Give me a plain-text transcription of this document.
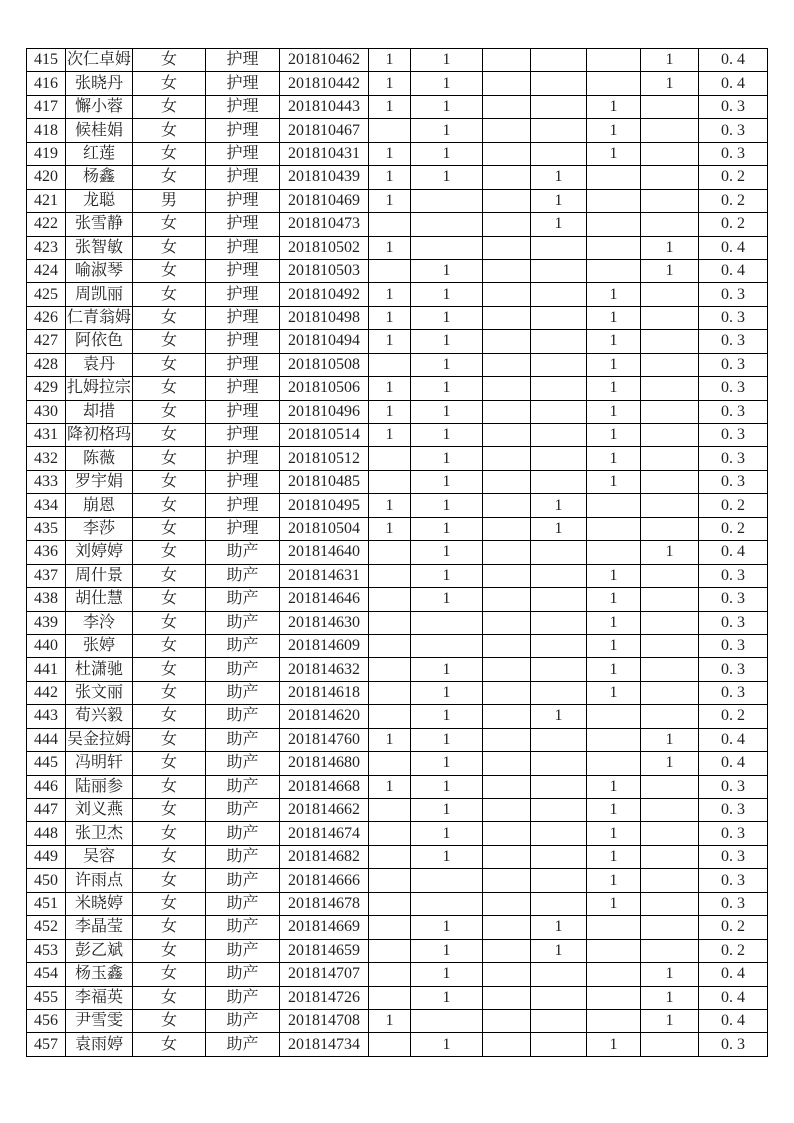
415	次仁卓姆	女	护理	201810462	1	1				1	0. 4
416	张晓丹	女	护理	201810442	1	1				1	0. 4
417	懈小蓉	女	护理	201810443	1	1			1		0. 3
418	候桂娟	女	护理	201810467		1			1		0. 3
419	红莲	女	护理	201810431	1	1			1		0. 3
420	杨鑫	女	护理	201810439	1	1		1			0. 2
421	龙聪	男	护理	201810469	1			1			0. 2
422	张雪静	女	护理	201810473				1			0. 2
423	张智敏	女	护理	201810502	1					1	0. 4
424	喻淑琴	女	护理	201810503		1				1	0. 4
425	周凯丽	女	护理	201810492	1	1			1		0. 3
426	仁青翁姆	女	护理	201810498	1	1			1		0. 3
427	阿依色	女	护理	201810494	1	1			1		0. 3
428	袁丹	女	护理	201810508		1			1		0. 3
429	扎姆拉宗	女	护理	201810506	1	1			1		0. 3
430	却措	女	护理	201810496	1	1			1		0. 3
431	降初格玛	女	护理	201810514	1	1			1		0. 3
432	陈薇	女	护理	201810512		1			1		0. 3
433	罗宇娟	女	护理	201810485		1			1		0. 3
434	崩恩	女	护理	201810495	1	1		1			0. 2
435	李莎	女	护理	201810504	1	1		1			0. 2
436	刘婷婷	女	助产	201814640		1				1	0. 4
437	周什景	女	助产	201814631		1			1		0. 3
438	胡仕慧	女	助产	201814646		1			1		0. 3
439	李泠	女	助产	201814630					1		0. 3
440	张婷	女	助产	201814609					1		0. 3
441	杜潇驰	女	助产	201814632		1			1		0. 3
442	张文丽	女	助产	201814618		1			1		0. 3
443	荀兴毅	女	助产	201814620		1		1			0. 2
444	吴金拉姆	女	助产	201814760	1	1				1	0. 4
445	冯明轩	女	助产	201814680		1				1	0. 4
446	陆丽参	女	助产	201814668	1	1			1		0. 3
447	刘义燕	女	助产	201814662		1			1		0. 3
448	张卫杰	女	助产	201814674		1			1		0. 3
449	吴容	女	助产	201814682		1			1		0. 3
450	许雨点	女	助产	201814666					1		0. 3
451	米晓婷	女	助产	201814678					1		0. 3
452	李晶莹	女	助产	201814669		1		1			0. 2
453	彭乙斌	女	助产	201814659		1		1			0. 2
454	杨玉鑫	女	助产	201814707		1				1	0. 4
455	李福英	女	助产	201814726		1				1	0. 4
456	尹雪雯	女	助产	201814708	1					1	0. 4
457	袁雨婷	女	助产	201814734		1			1		0. 3
